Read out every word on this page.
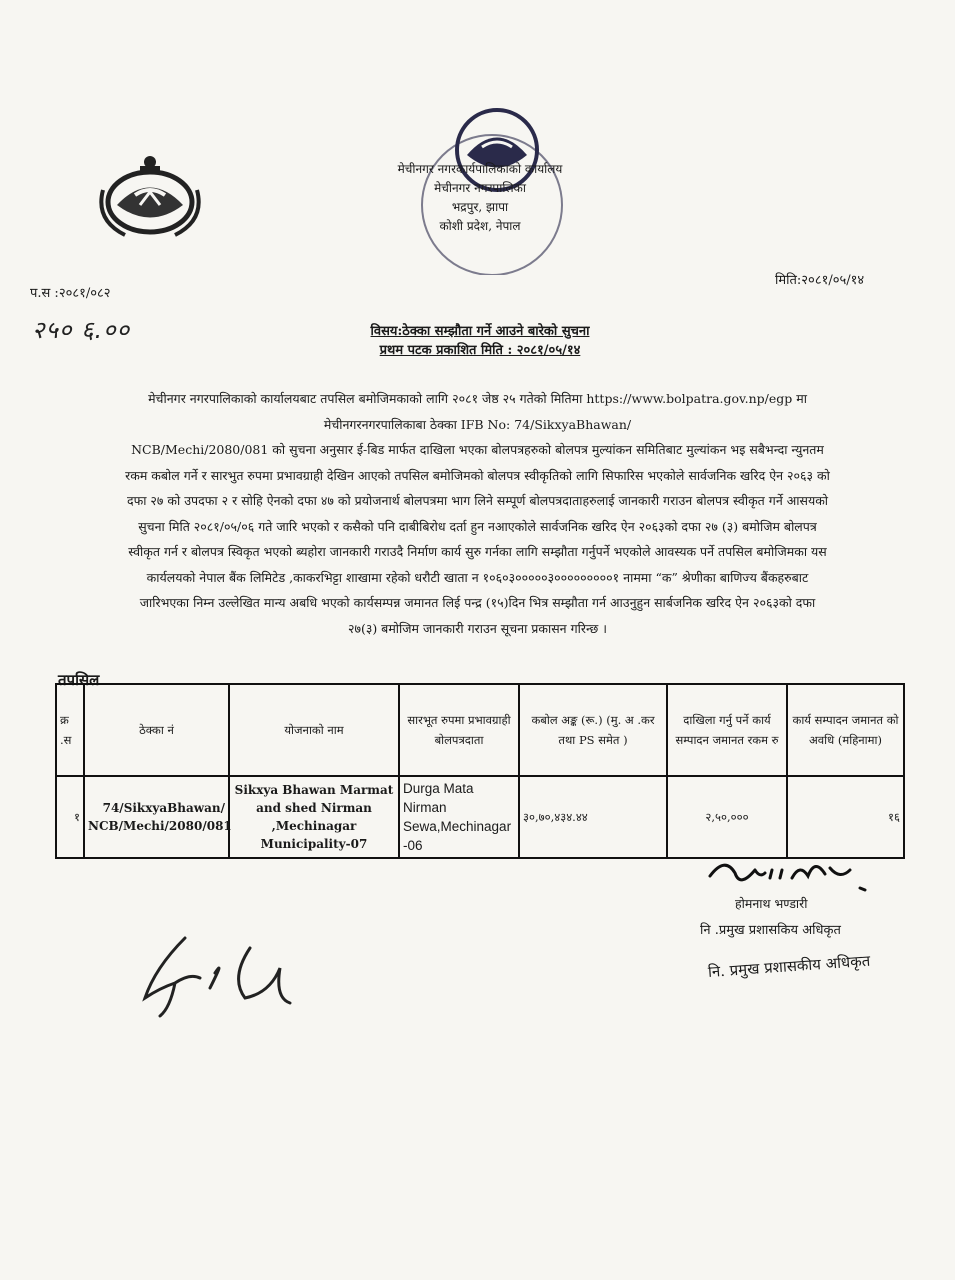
मेचीनगर नगरकार्यपालिकाको कार्यालय
मेचीनगर नगरपालिका
भद्रपुर, झापा
कोशी प्रदेश, नेपाल
प.स :२०८१/०८२
मिति:२०८१/०५/१४
२५० ६.००	विसय:ठेक्का सम्झौता गर्ने आउने बारेको सुचना
प्रथम पटक प्रकाशित मिति : २०८१/०५/१४
मेचीनगर नगरपालिकाको कार्यालयबाट तपसिल बमोजिमकाको लागि २०८१ जेष्ठ २५ गतेको मितिमा https://www.bolpatra.gov.np/egp मा
मेचीनगरनगरपालिकाबा ठेक्का IFB No: 74/SikxyaBhawan/
NCB/Mechi/2080/081 को सुचना अनुसार ई-बिड मार्फत दाखिला भएका बोलपत्रहरुको बोलपत्र मुल्यांकन समितिबाट मुल्यांकन भइ सबैभन्दा न्युनतम
रकम कबोल गर्ने र सारभुत रुपमा प्रभावग्राही देखिन आएको तपसिल बमोजिमको बोलपत्र स्वीकृतिको लागि सिफारिस भएकोले सार्वजनिक खरिद ऐन २०६३ को
दफा २७ को उपदफा २ र सोहि ऐनको दफा ४७ को प्रयोजनार्थ बोलपत्रमा भाग लिने सम्पूर्ण बोलपत्रदाताहरुलाई जानकारी गराउन बोलपत्र स्वीकृत गर्ने आसयको
सुचना मिति २०८१/०५/०६ गते जारि भएको र कसैको पनि दाबीबिरोध दर्ता हुन नआएकोले सार्वजनिक खरिद ऐन २०६३को दफा २७ (३) बमोजिम बोलपत्र
स्वीकृत गर्न र बोलपत्र स्विकृत भएको ब्यहोरा जानकारी गराउदै निर्माण कार्य सुरु गर्नका लागि सम्झौता गर्नुपर्ने भएकोले आवस्यक पर्ने तपसिल बमोजिमका यस
कार्यलयको नेपाल बैंक लिमिटेड ,काकरभिट्टा शाखामा रहेको धरौटी खाता न १०६०३०००००३०००००००००१ नाममा “क” श्रेणीका बाणिज्य बैंकहरुबाट
जारिभएका निम्न उल्लेखित मान्य अबधि भएको कार्यसम्पन्न जमानत लिई पन्द्र (१५)दिन भित्र सम्झौता गर्न आउनुहुन सार्बजनिक खरिद ऐन २०६३को दफा
२७(३) बमोजिम जानकारी गराउन सूचना प्रकासन गरिन्छ ।
तपसिल
क्र .स	ठेक्का नं	योजनाको नाम	सारभूत रुपमा प्रभावग्राही बोलपत्रदाता	कबोल अङ्क (रू.) (मु. अ .कर तथा PS समेत )	दाखिला गर्नु पर्ने कार्य सम्पादन जमानत रकम रु	कार्य सम्पादन जमानत को अवधि (महिनामा)
१	74/SikxyaBhawan/ NCB/Mechi/2080/081	Sikxya Bhawan Marmat and shed Nirman ,Mechinagar Municipality-07	Durga Mata Nirman Sewa,Mechinagar -06	३०,७०,४३४.४४	२,५०,०००	१६
होमनाथ भण्डारी
नि .प्रमुख प्रशासकिय अधिकृत
नि. प्रमुख प्रशासकीय अधिकृत
